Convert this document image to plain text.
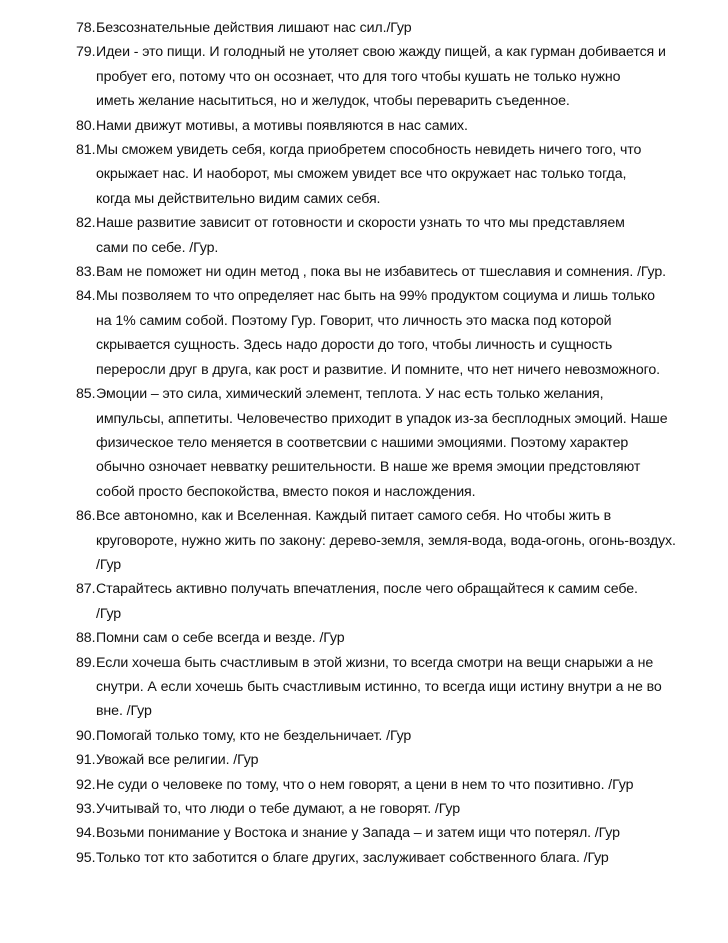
78. Безсознательные действия лишают нас сил./Гур
79. Идеи - это пищи. И голодный не утоляет свою жажду пищей, а как гурман добивается и
пробует его, потому что он осознает, что для того чтобы кушать не только нужно
иметь желание насытиться, но и желудок, чтобы переварить съеденное.
80. Нами движут мотивы, а мотивы появляются в нас самих.
81. Мы сможем увидеть себя, когда приобретем способность невидеть ничего того, что
окрыжает нас. И наоборот, мы сможем увидет все что окружает нас только тогда,
когда мы действительно видим самих себя.
82. Наше развитие зависит от готовности и скорости узнать то что мы представляем
сами по себе. /Гур.
83. Вам не поможет ни один метод , пока вы не избавитесь от тшеславия и сомнения. /Гур.
84. Мы позволяем то что определяет нас быть на 99% продуктом социума и лишь только
на 1% самим собой. Поэтому Гур. Говорит, что личность это маска под которой
скрывается сущность. Здесь надо дорости до того, чтобы личность и сущность
переросли друг в друга, как рост и развитие. И помните, что нет ничего невозможного.
85. Эмоции – это сила, химический элемент, теплота. У нас есть только желания,
импульсы, аппетиты. Человечество приходит в упадок из-за бесплодных эмоций. Наше
физическое тело меняется в соответсвии с нашими эмоциями. Поэтому характер
обычно озночает невватку решительности. В наше же время эмоции предстовляют
собой просто беспокойства, вместо покоя и наслождения.
86. Все автономно, как и Вселенная. Каждый питает самого себя. Но чтобы жить в
круговороте, нужно жить по закону: дерево-земля, земля-вода, вода-огонь, огонь-воздух.
/Гур
87. Старайтесь активно получать впечатления, после чего обращайтеся к самим себе.
/Гур
88. Помни сам о себе всегда и везде. /Гур
89. Если хочеша быть счастливым в этой жизни, то всегда смотри на вещи снарыжи а не
снутри. А если хочешь быть счастливым истинно, то всегда ищи истину внутри а не во
вне. /Гур
90. Помогай только тому, кто не бездельничает. /Гур
91. Увожай все религии. /Гур
92. Не суди о человеке по тому, что о нем говорят, а цени в нем то что позитивно. /Гур
93. Учитывай то, что люди о тебе думают, а не говорят. /Гур
94. Возьми понимание у Востока и знание у Запада – и затем ищи что потерял. /Гур
95. Только тот кто заботится о благе других, заслуживает собственного блага. /Гур
